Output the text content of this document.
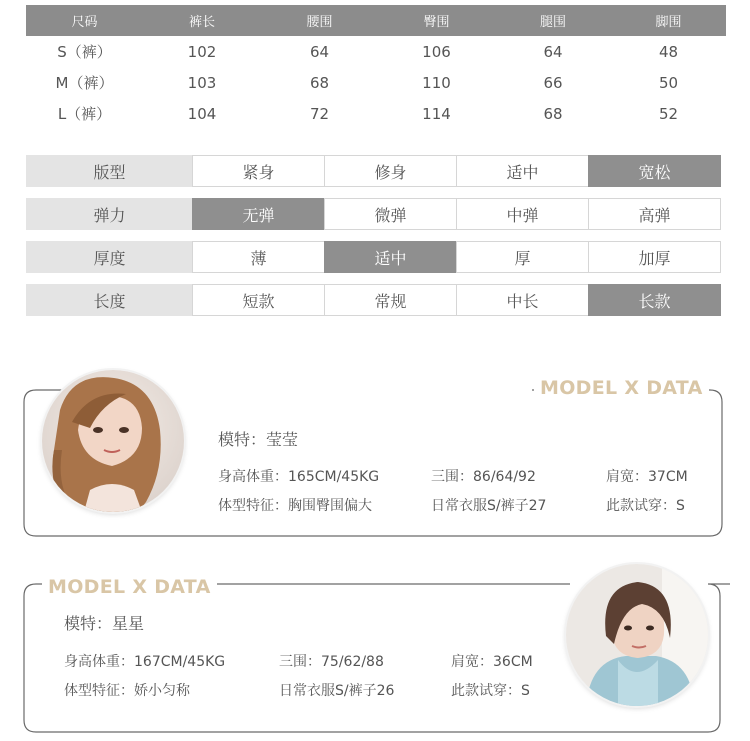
尺码	裤长	腰围	臀围	腿围	脚围
S（裤）	102	64	106	64	48
M（裤）	103	68	110	66	50
L（裤）	104	72	114	68	52
版型	紧身	修身	适中	宽松
弹力	无弹	微弹	中弹	高弹
厚度	薄	适中	厚	加厚
长度	短款	常规	中长	长款
MODEL X DATA
模特：莹莹
身高体重：165CM/45KG	三围：86/64/92	肩宽：37CM
体型特征：胸围臀围偏大	日常衣服S/裤子27	此款试穿：S
MODEL X DATA
模特：星星
身高体重：167CM/45KG	三围：75/62/88	肩宽：36CM
体型特征：娇小匀称	日常衣服S/裤子26	此款试穿：S
